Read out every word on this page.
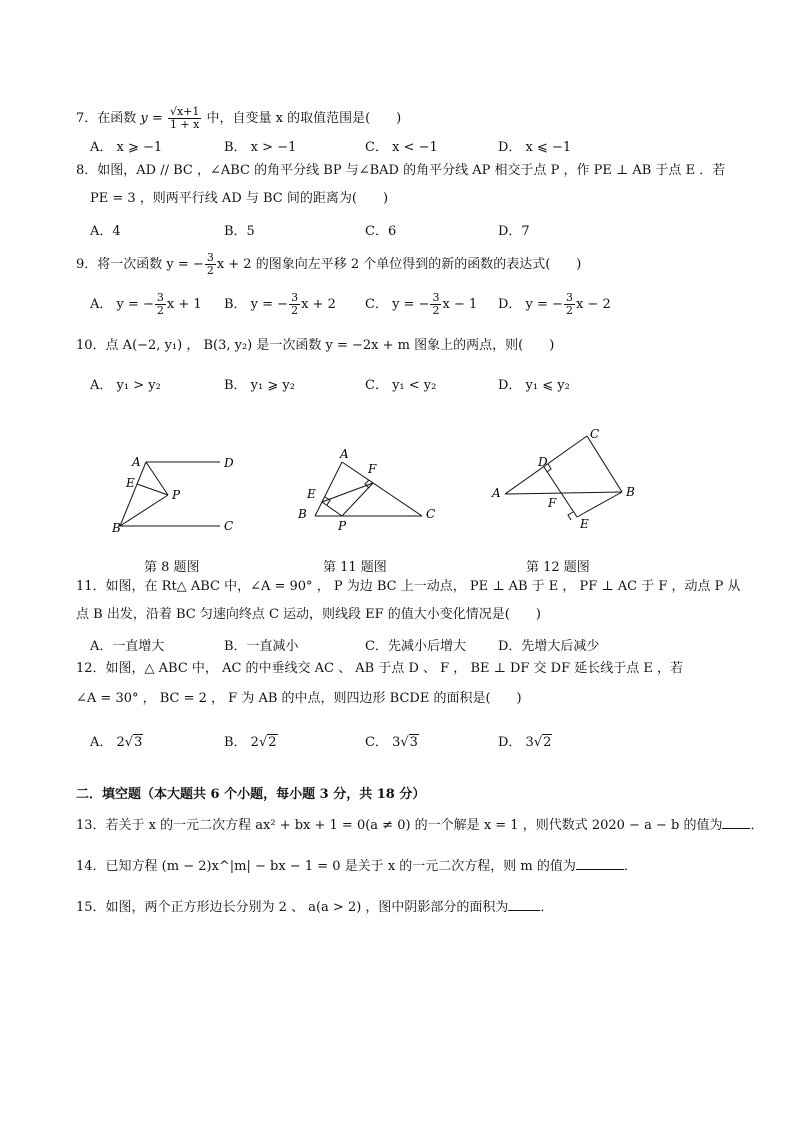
7．在函数 $y = \frac{√x+1}{1 + x}$ 中，自变量 x 的取值范围是(　　)
A． x ⩾ −1	B． x > −1	C． x < −1	D． x ⩽ −1
8．如图，AD // BC ，∠ABC 的角平分线 BP 与∠BAD 的角平分线 AP 相交于点 P ，作 PE ⊥ AB 于点 E ．若
PE = 3 ，则两平行线 AD 与 BC 间的距离为(　　)
A．4	B．5	C．6	D．7
9．将一次函数 y = − $\frac{3}{2}$ x + 2 的图象向左平移 2 个单位得到的新的函数的表达式(　　)
A． y = − $\frac{3}{2}$ x + 1 B． y = − $\frac{3}{2}$ x + 2 C． y = − $\frac{3}{2}$ x − 1 D． y = − $\frac{3}{2}$ x − 2
10．点 A(−2, y₁) ， B(3, y₂) 是一次函数 y = −2x + m 图象上的两点，则(　　)
A． y₁ > y₂	B． y₁ ⩾ y₂	C． y₁ < y₂	D． y₁ ⩽ y₂
A	D
E
P
B	C
第 8 题图
A
F
E
B
P
C
第 11 题图
C
D
A	B
F
E
第 12 题图
11．如图，在 Rt△ ABC 中，∠A = 90° ， P 为边 BC 上一动点， PE ⊥ AB 于 E ， PF ⊥ AC 于 F ，动点 P 从
点 B 出发，沿着 BC 匀速向终点 C 运动，则线段 EF 的值大小变化情况是(　　)
A．一直增大	B．一直减小	C．先减小后增大 D．先增大后减少
12．如图，△ ABC 中， AC 的中垂线交 AC 、 AB 于点 D 、 F ， BE ⊥ DF 交 DF 延长线于点 E ，若
∠A = 30° ， BC = 2 ， F 为 AB 的中点，则四边形 BCDE 的面积是(　　)
A． 2√3	B． 2√2	C． 3√3	D． 3√2
二．填空题（本大题共 6 个小题，每小题 3 分，共 18 分）
13．若关于 x 的一元二次方程 ax² + bx + 1 = 0(a ≠ 0) 的一个解是 x = 1 ，则代数式 2020 − a − b 的值为 ．
14．已知方程 (m − 2)x^|m| − bx − 1 = 0 是关于 x 的一元二次方程，则 m 的值为	．
15．如图，两个正方形边长分别为 2 、 a(a > 2) ，图中阴影部分的面积为 ．
